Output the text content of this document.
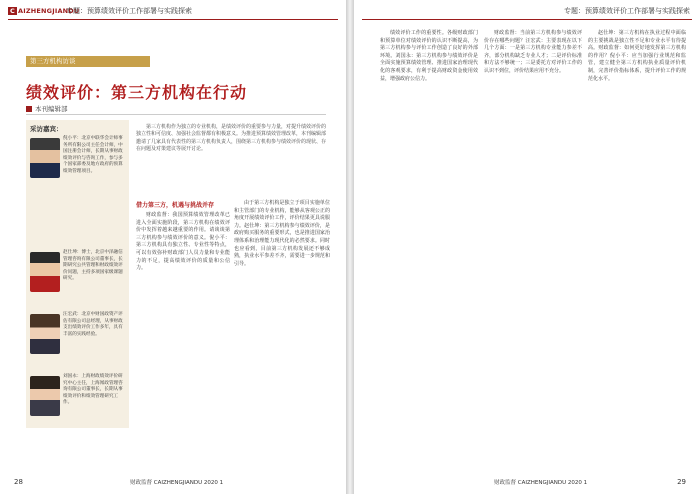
C AIZHENGJIANDU
专题：预算绩效评价工作部署与实践探索
第三方机构访谈
绩效评价：第三方机构在行动
本刊编辑部
采访嘉宾：
倪小平：北京中联华会计师事务所有限公司主任会计师，中国注册会计师，长期从事财政绩效评价与咨询工作，参与多个国家部委及地方政府的预算绩效管理项目。
赵仕坤：博士，北京中泽融信管理咨询有限公司董事长，长期研究公共管理和财政绩效评价问题，主持多项国家级课题研究。
汪宏武：北京中财国政资产评估有限公司总经理，从事财政支出绩效评价工作多年，具有丰富的实践经验。
刘国永：上海财政绩效评价研究中心主任，上海闻政管理咨询有限公司董事长，长期从事绩效评价和绩效管理研究工作。
第三方机构作为独立的专业机构，是绩效评价的重要参与力量，对提升绩效评价的独立性和可信度、加强社会监督都有积极意义。为推进预算绩效管理改革，本刊编辑部邀请了几家具有代表性的第三方机构负责人，围绕第三方机构参与绩效评价的现状、存在问题及对策建议等展开讨论。
借力第三方，机遇与挑战并存

财政监督：我国预算绩效管理改革已进入全面实施阶段，第三方机构在绩效评价中发挥着越来越重要的作用。请谈谈第三方机构参与绩效评价的意义。倪小平：第三方机构具有独立性、专业性等特点，可以有效弥补财政部门人员力量和专业能力的不足，提高绩效评价的质量和公信力。

由于第三方机构是独立于项目实施单位和主管部门的专业机构，能够从客观公正的角度开展绩效评价工作，评价结果更具说服力。赵仕坤：第三方机构参与绩效评价，是政府购买服务的重要形式，也是推进国家治理体系和治理能力现代化的必然要求。同时也应看到，目前第三方机构发展还不够成熟，执业水平参差不齐，需要进一步规范和引导。

28	财政监督 CAIZHENGJIANDU 2020 1
专题：预算绩效评价工作部署与实践探索

绩效评价工作的重要性。各级财政部门和预算单位对绩效评价的认识不断提高，为第三方机构参与评价工作创造了良好的外部环境。刘国永：第三方机构参与绩效评价是全面实施预算绩效管理、推进国家治理现代化的客观要求，有利于提高财政资金使用效益，增强政府公信力。

财政监督：当前第三方机构参与绩效评价存在哪些问题？汪宏武：主要表现在以下几个方面：一是第三方机构专业能力参差不齐，部分机构缺乏专业人才；二是评价标准和方法不够统一；三是委托方对评价工作的认识不到位，评价结果应用不充分。

赵仕坤：第三方机构在执业过程中面临的主要挑战是独立性不足和专业水平有待提高。财政监督：如何更好地发挥第三方机构的作用？倪小平：应当加强行业规范和监管，建立健全第三方机构执业质量评价机制，完善评价指标体系，提升评价工作的规范化水平。

财政监督 CAIZHENGJIANDU 2020 1	29
